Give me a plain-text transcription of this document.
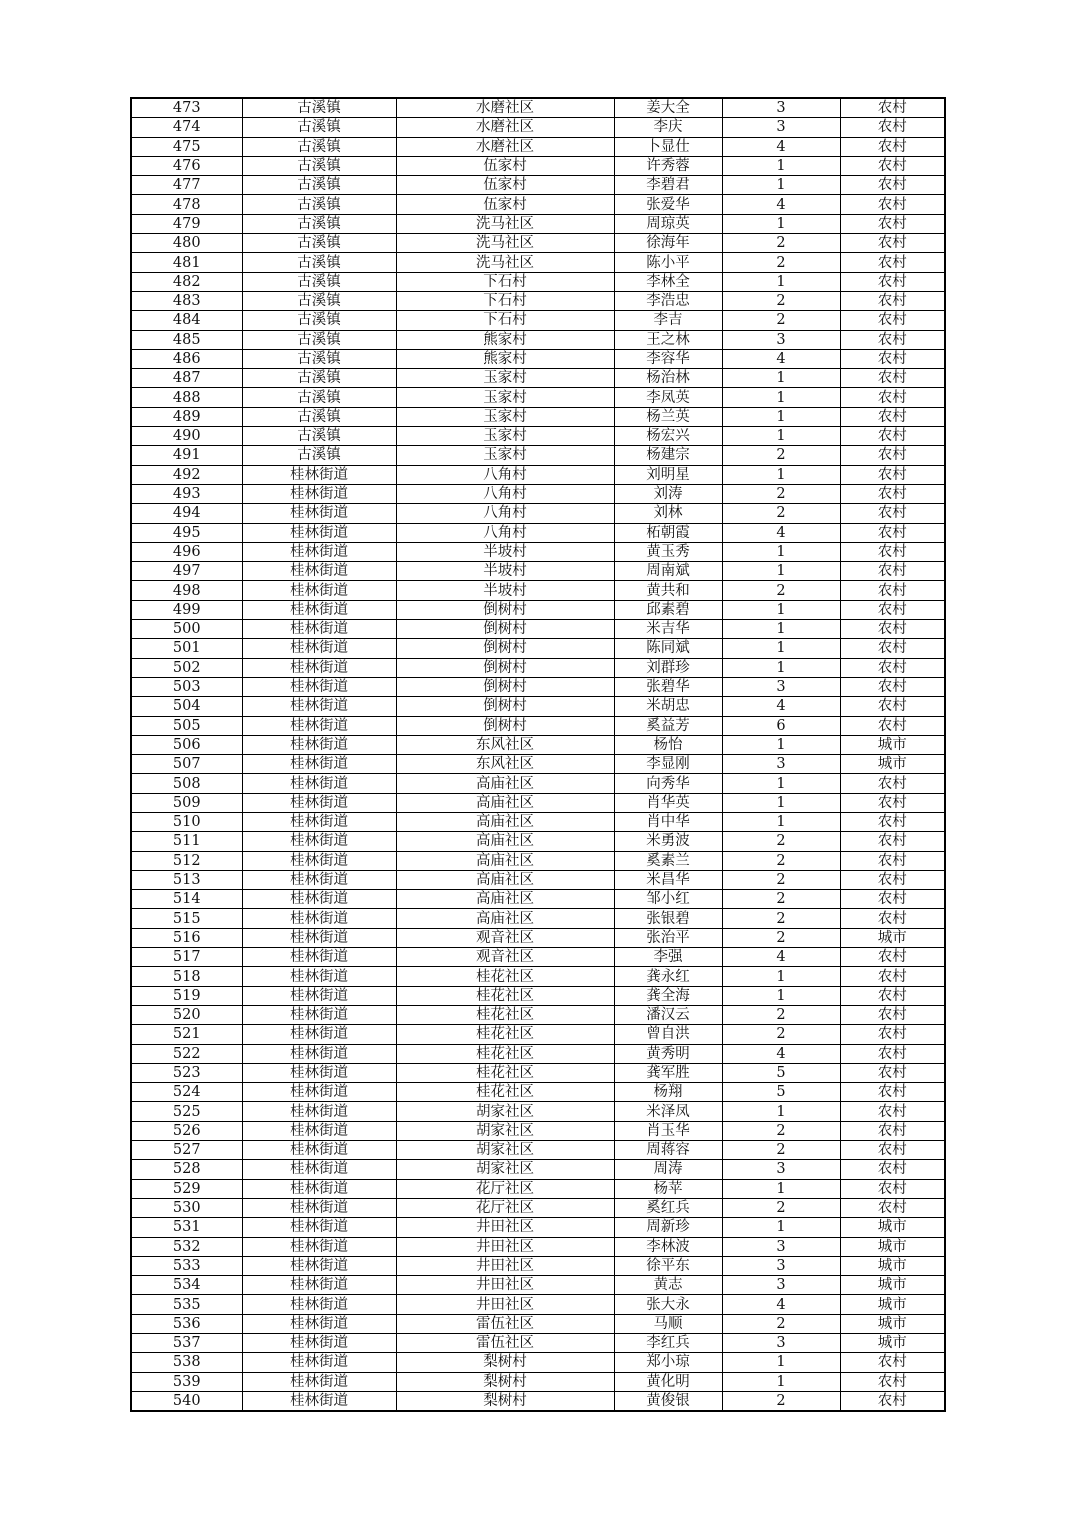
473	古溪镇	水磨社区	姜大全	3	农村
474	古溪镇	水磨社区	李庆	3	农村
475	古溪镇	水磨社区	卜显仕	4	农村
476	古溪镇	伍家村	许秀蓉	1	农村
477	古溪镇	伍家村	李碧君	1	农村
478	古溪镇	伍家村	张爱华	4	农村
479	古溪镇	洗马社区	周琼英	1	农村
480	古溪镇	洗马社区	徐海年	2	农村
481	古溪镇	洗马社区	陈小平	2	农村
482	古溪镇	下石村	李林全	1	农村
483	古溪镇	下石村	李浩忠	2	农村
484	古溪镇	下石村	李吉	2	农村
485	古溪镇	熊家村	王之林	3	农村
486	古溪镇	熊家村	李容华	4	农村
487	古溪镇	玉家村	杨治林	1	农村
488	古溪镇	玉家村	李凤英	1	农村
489	古溪镇	玉家村	杨兰英	1	农村
490	古溪镇	玉家村	杨宏兴	1	农村
491	古溪镇	玉家村	杨建宗	2	农村
492	桂林街道	八角村	刘明星	1	农村
493	桂林街道	八角村	刘涛	2	农村
494	桂林街道	八角村	刘林	2	农村
495	桂林街道	八角村	柘朝霞	4	农村
496	桂林街道	半坡村	黄玉秀	1	农村
497	桂林街道	半坡村	周南斌	1	农村
498	桂林街道	半坡村	黄共和	2	农村
499	桂林街道	倒树村	邱素碧	1	农村
500	桂林街道	倒树村	米吉华	1	农村
501	桂林街道	倒树村	陈同斌	1	农村
502	桂林街道	倒树村	刘群珍	1	农村
503	桂林街道	倒树村	张碧华	3	农村
504	桂林街道	倒树村	米胡忠	4	农村
505	桂林街道	倒树村	奚益芳	6	农村
506	桂林街道	东风社区	杨怡	1	城市
507	桂林街道	东风社区	李显刚	3	城市
508	桂林街道	高庙社区	向秀华	1	农村
509	桂林街道	高庙社区	肖华英	1	农村
510	桂林街道	高庙社区	肖中华	1	农村
511	桂林街道	高庙社区	米勇波	2	农村
512	桂林街道	高庙社区	奚素兰	2	农村
513	桂林街道	高庙社区	米昌华	2	农村
514	桂林街道	高庙社区	邹小红	2	农村
515	桂林街道	高庙社区	张银碧	2	农村
516	桂林街道	观音社区	张治平	2	城市
517	桂林街道	观音社区	李强	4	农村
518	桂林街道	桂花社区	龚永红	1	农村
519	桂林街道	桂花社区	龚全海	1	农村
520	桂林街道	桂花社区	潘汉云	2	农村
521	桂林街道	桂花社区	曾自洪	2	农村
522	桂林街道	桂花社区	黄秀明	4	农村
523	桂林街道	桂花社区	龚军胜	5	农村
524	桂林街道	桂花社区	杨翔	5	农村
525	桂林街道	胡家社区	米泽凤	1	农村
526	桂林街道	胡家社区	肖玉华	2	农村
527	桂林街道	胡家社区	周蒋容	2	农村
528	桂林街道	胡家社区	周涛	3	农村
529	桂林街道	花厅社区	杨苹	1	农村
530	桂林街道	花厅社区	奚红兵	2	农村
531	桂林街道	井田社区	周新珍	1	城市
532	桂林街道	井田社区	李林波	3	城市
533	桂林街道	井田社区	徐平东	3	城市
534	桂林街道	井田社区	黄志	3	城市
535	桂林街道	井田社区	张大永	4	城市
536	桂林街道	雷伍社区	马顺	2	城市
537	桂林街道	雷伍社区	李红兵	3	城市
538	桂林街道	梨树村	郑小琼	1	农村
539	桂林街道	梨树村	黄化明	1	农村
540	桂林街道	梨树村	黄俊银	2	农村
